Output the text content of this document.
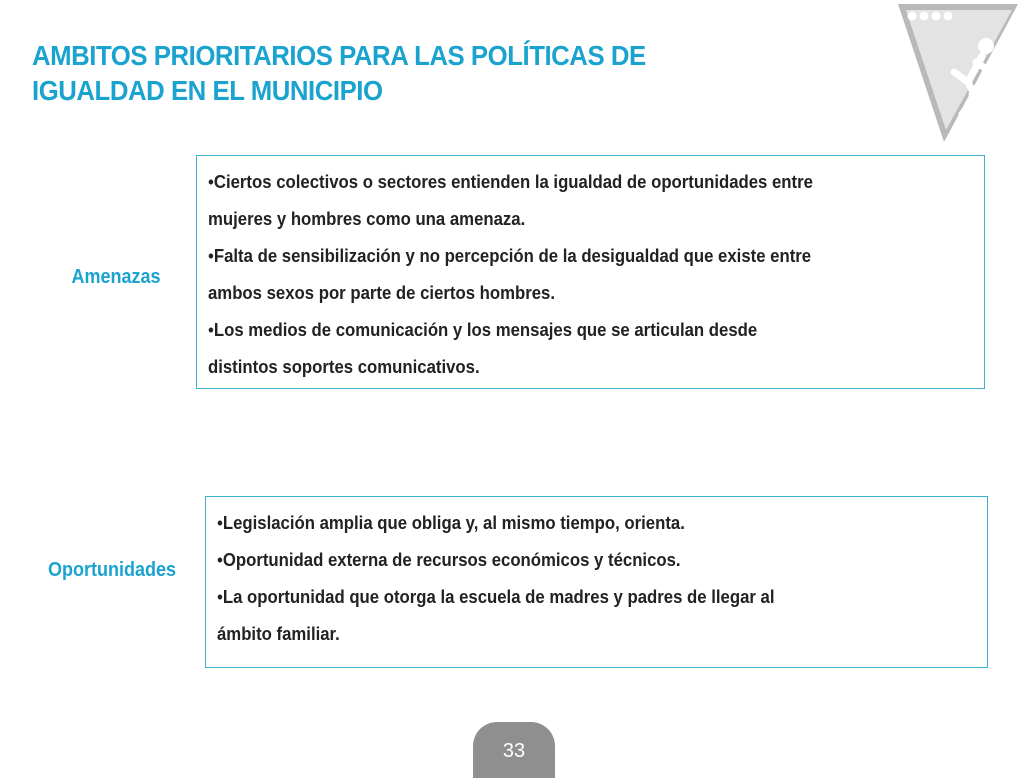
AMBITOS PRIORITARIOS PARA LAS POLÍTICAS DE
IGUALDAD EN EL MUNICIPIO
Amenazas
•Ciertos colectivos o sectores entienden la igualdad de oportunidades entre
mujeres y hombres como una amenaza.
•Falta de sensibilización y no percepción de la desigualdad que existe entre
ambos sexos por parte de ciertos hombres.
•Los medios de comunicación y los mensajes que se articulan desde
distintos soportes comunicativos.
Oportunidades
•Legislación amplia que obliga y, al mismo tiempo, orienta.
•Oportunidad externa de recursos económicos y técnicos.
•La oportunidad que otorga la escuela de madres y padres de llegar al
ámbito familiar.
33
